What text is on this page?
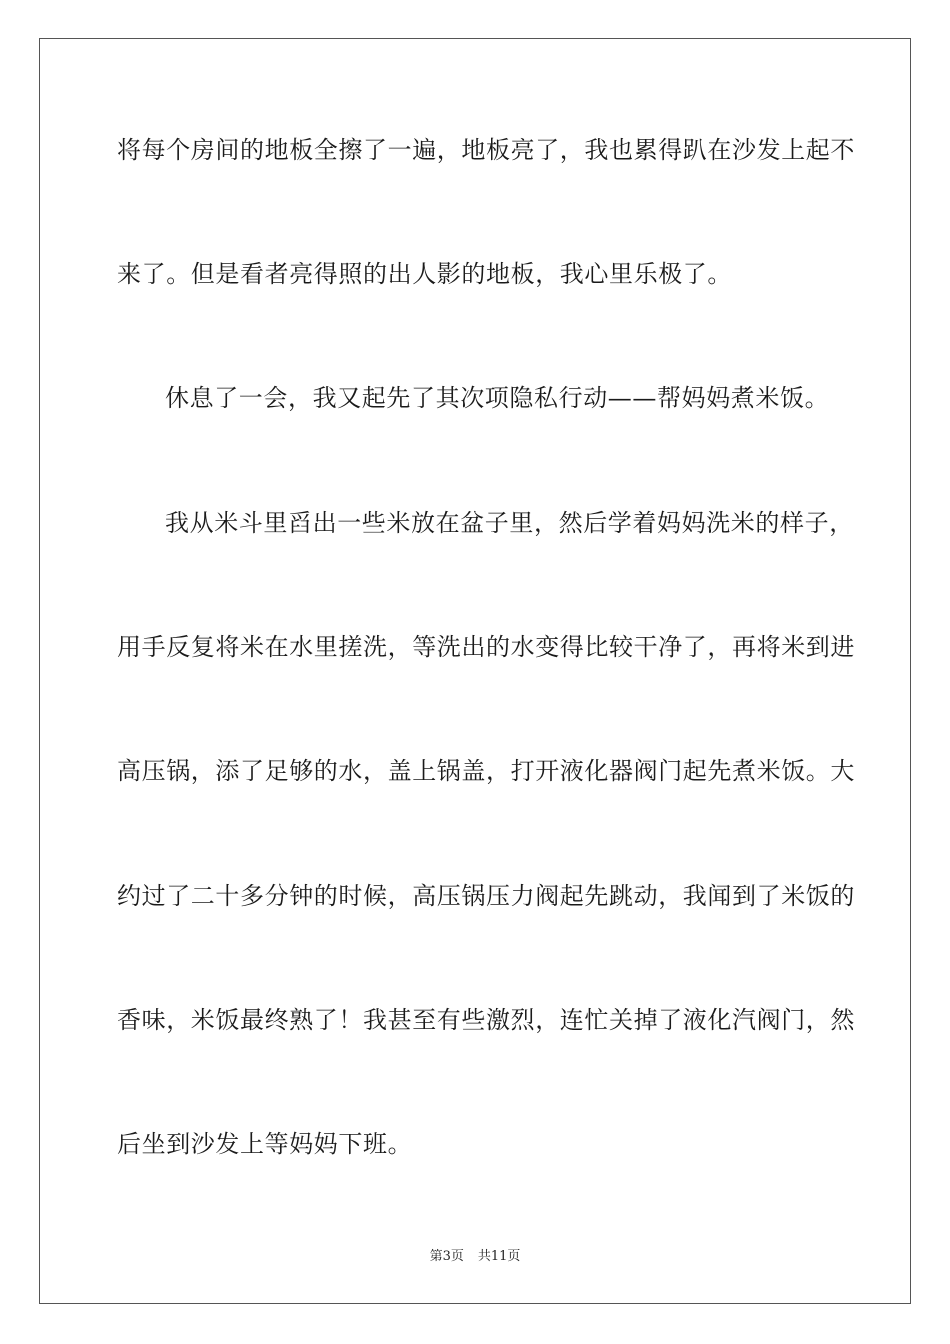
将每个房间的地板全擦了一遍，地板亮了，我也累得趴在沙发上起不
来了。但是看者亮得照的出人影的地板，我心里乐极了。
休息了一会，我又起先了其次项隐私行动——帮妈妈煮米饭。
我从米斗里舀出一些米放在盆子里，然后学着妈妈洗米的样子，
用手反复将米在水里搓洗，等洗出的水变得比较干净了，再将米到进
高压锅，添了足够的水，盖上锅盖，打开液化器阀门起先煮米饭。大
约过了二十多分钟的时候，高压锅压力阀起先跳动，我闻到了米饭的
香味，米饭最终熟了！我甚至有些激烈，连忙关掉了液化汽阀门，然
后坐到沙发上等妈妈下班。
第3页 共11页
